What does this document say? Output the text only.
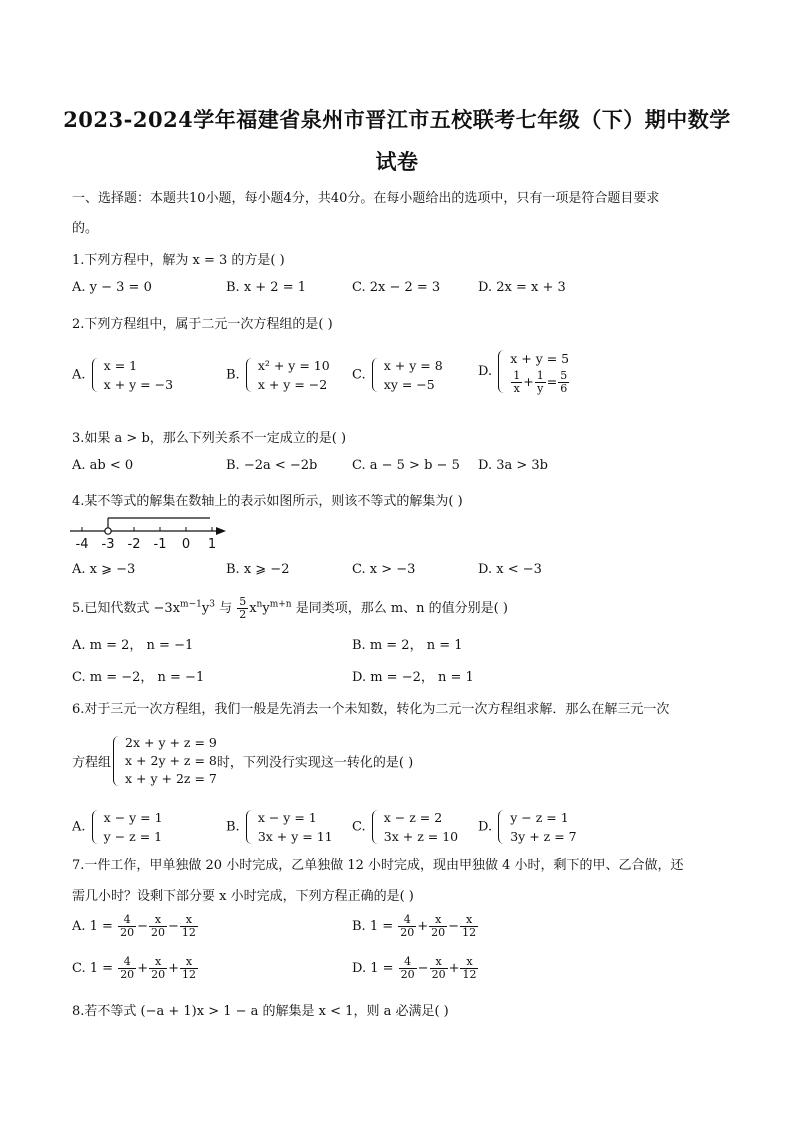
2023-2024学年福建省泉州市晋江市五校联考七年级（下）期中数学
试卷
一、选择题：本题共10小题，每小题4分，共40分。在每小题给出的选项中，只有一项是符合题目要求
的。
1.下列方程中，解为 x = 3 的方是( )
A. y − 3 = 0	B. x + 2 = 1	C. 2x − 2 = 3	D. 2x = x + 3
2.下列方程组中，属于二元一次方程组的是( )
A. x = 1
x + y = −3
B. x² + y = 10
x + y = −2
C. x + y = 8
xy = −5
D. x + y = 5

$\frac{1}{x} + \frac{1}{y} = \frac{5}{6}$
3.如果 a > b，那么下列关系不一定成立的是( )
A. ab < 0	B. −2a < −2b	C. a − 5 > b − 5 D. 3a > 3b
4.某不等式的解集在数轴上的表示如图所示，则该不等式的解集为( )
-4 -3 -2 -1 0 1
A. x ⩾ −3	B. x ⩾ −2	C. x > −3	D. x < −3
5.已知代数式 $-3x^{m-1}y^3$ 与 $\frac{5}{2} x^ny^{m+n}$ 是同类项，那么 m、n 的值分别是( )
A. m = 2， n = −1	B. m = 2， n = 1
C. m = −2， n = −1	D. m = −2， n = 1
6.对于三元一次方程组，我们一般是先消去一个未知数，转化为二元一次方程组求解．那么在解三元一次
方程组2x + y + z = 9
x + 2y + z = 8
x + y + 2z = 7时，下列没行实现这一转化的是( )
A. x − y = 1
y − z = 1
B. x − y = 1
3x + y = 11
C. x − z = 2
3x + z = 10
D. y − z = 1
3y + z = 7
7.一件工作，甲单独做 20 小时完成，乙单独做 12 小时完成，现由甲独做 4 小时，剩下的甲、乙合做，还
需几小时？设剩下部分要 x 小时完成，下列方程正确的是( )
A. $1 = \frac{4}{20} - \frac{x}{20} - \frac{x}{12}$	B. $1 = \frac{4}{20} + \frac{x}{20} - \frac{x}{12}$
C. $1 = \frac{4}{20} + \frac{x}{20} + \frac{x}{12}$	D. $1 = \frac{4}{20} - \frac{x}{20} + \frac{x}{12}$
8.若不等式 (−a + 1)x > 1 − a 的解集是 x < 1，则 a 必满足( )
